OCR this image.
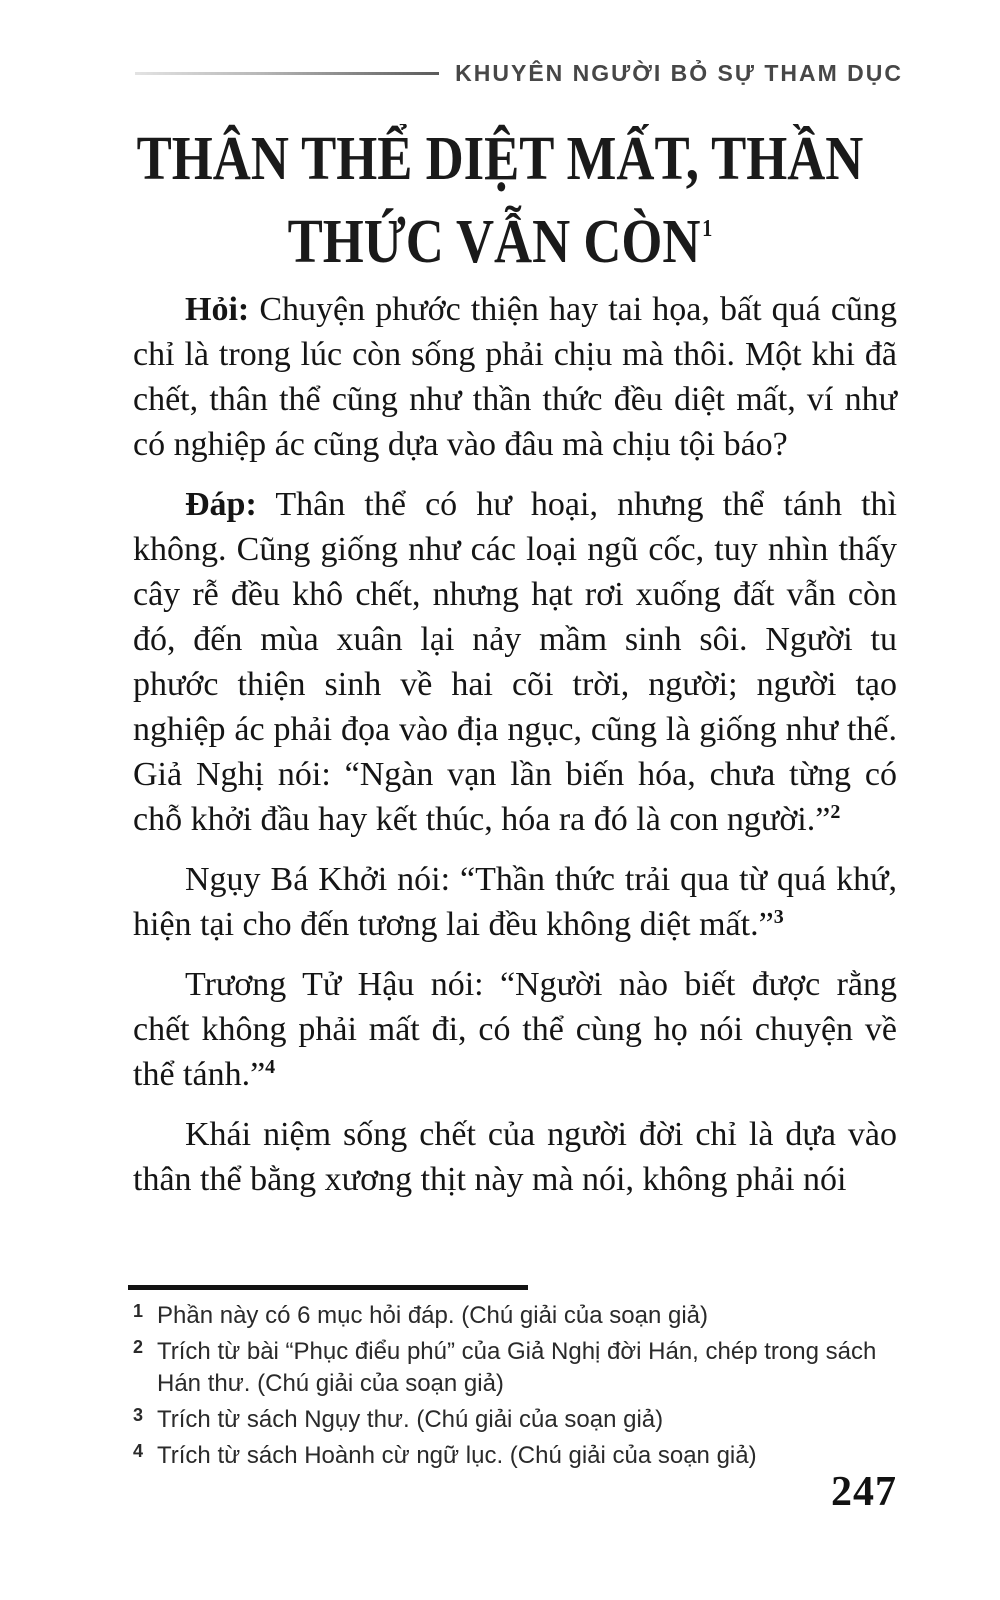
KHUYÊN NGƯỜI BỎ SỰ THAM DỤC
THÂN THỂ DIỆT MẤT, THẦN
THỨC VẪN CÒN$^1$
Hỏi: Chuyện phước thiện hay tai họa, bất quá cũng chỉ là trong lúc còn sống phải chịu mà thôi. Một khi đã chết, thân thể cũng như thần thức đều diệt mất, ví như có nghiệp ác cũng dựa vào đâu mà chịu tội báo?
Đáp: Thân thể có hư hoại, nhưng thể tánh thì không. Cũng giống như các loại ngũ cốc, tuy nhìn thấy cây rễ đều khô chết, nhưng hạt rơi xuống đất vẫn còn đó, đến mùa xuân lại nảy mầm sinh sôi. Người tu phước thiện sinh về hai cõi trời, người; người tạo nghiệp ác phải đọa vào địa ngục, cũng là giống như thế. Giả Nghị nói: “Ngàn vạn lần biến hóa, chưa từng có chỗ khởi đầu hay kết thúc, hóa ra đó là con người.”$^2$
Ngụy Bá Khởi nói: “Thần thức trải qua từ quá khứ, hiện tại cho đến tương lai đều không diệt mất.”$^3$
Trương Tử Hậu nói: “Người nào biết được rằng chết không phải mất đi, có thể cùng họ nói chuyện về thể tánh.”$^4$
Khái niệm sống chết của người đời chỉ là dựa vào thân thể bằng xương thịt này mà nói, không phải nói
1 Phần này có 6 mục hỏi đáp. (Chú giải của soạn giả)
2 Trích từ bài “Phục điểu phú” của Giả Nghị đời Hán, chép trong sách Hán thư. (Chú giải của soạn giả)
3 Trích từ sách Ngụy thư. (Chú giải của soạn giả)
4 Trích từ sách Hoành cừ ngữ lục. (Chú giải của soạn giả)
247
